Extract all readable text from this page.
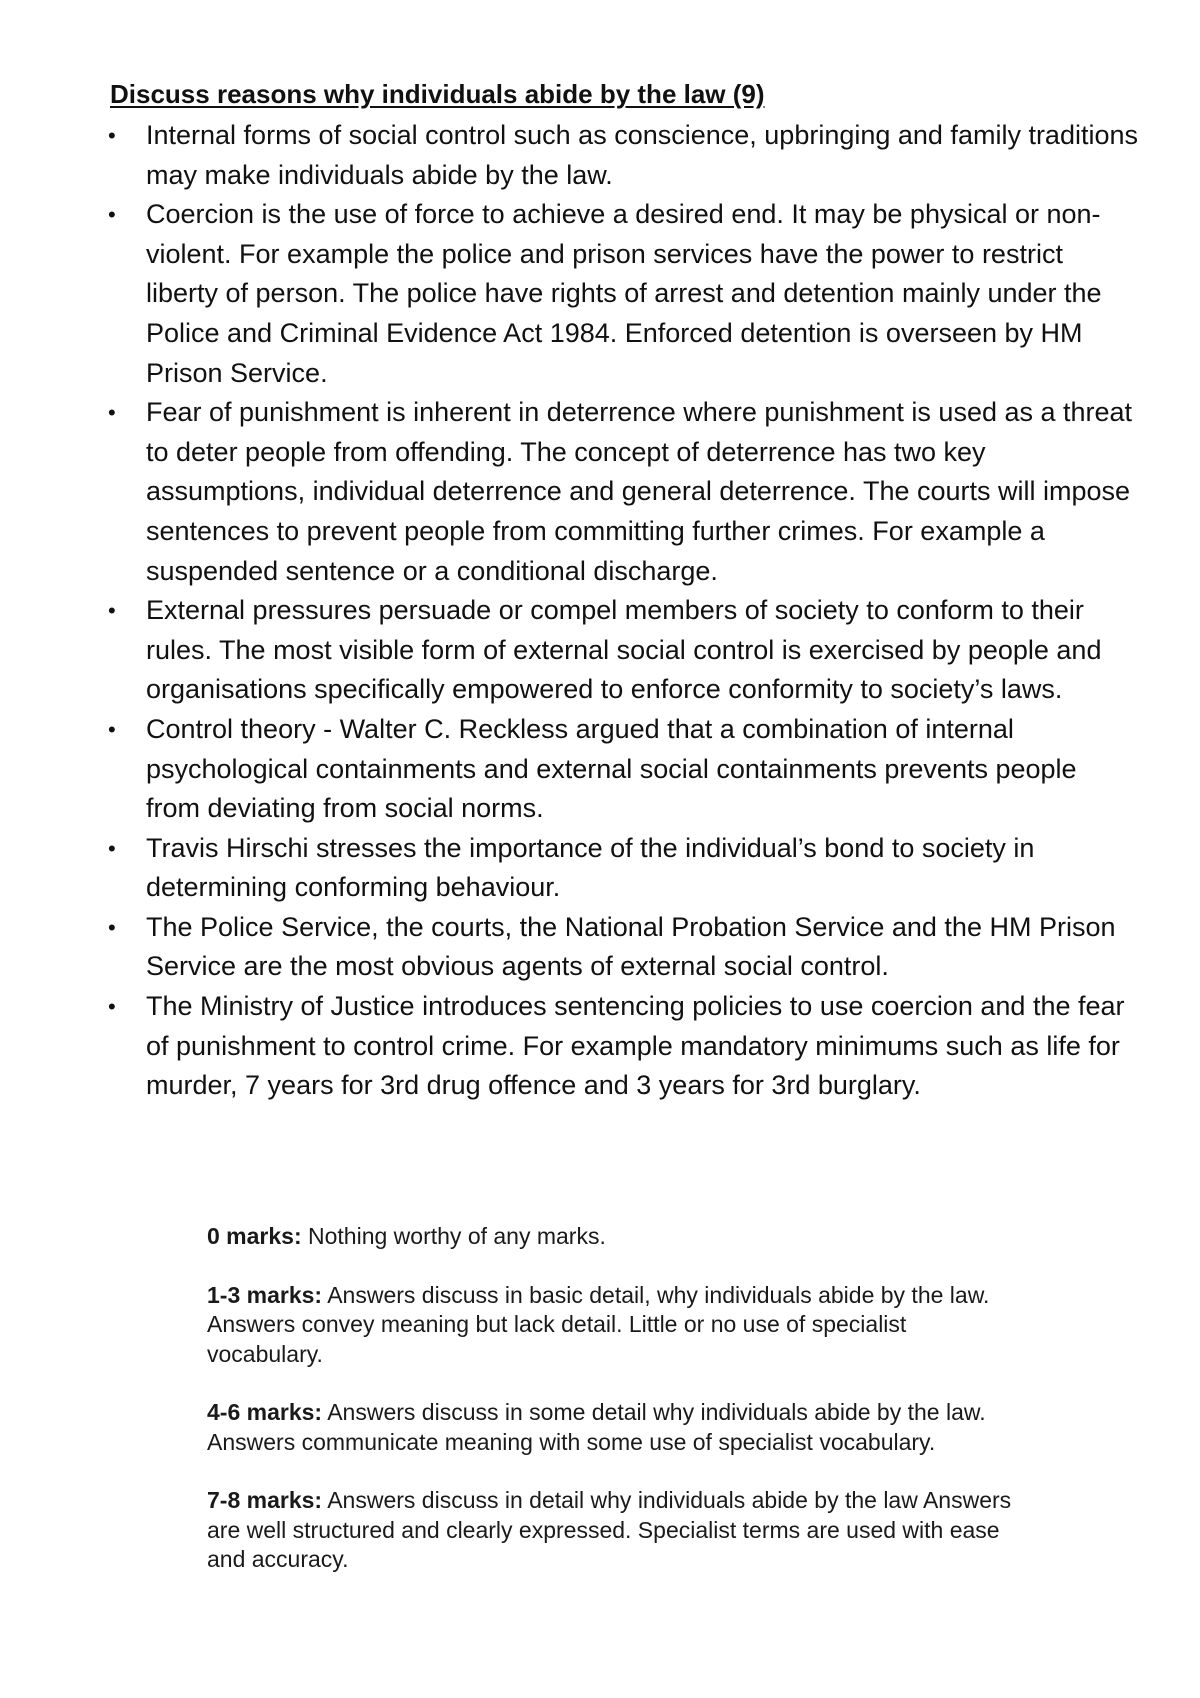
Discuss reasons why individuals abide by the law (9)
•	Internal forms of social control such as conscience, upbringing and family traditions may make individuals abide by the law.
•	Coercion is the use of force to achieve a desired end. It may be physical or non-violent. For example the police and prison services have the power to restrict liberty of person. The police have rights of arrest and detention mainly under the Police and Criminal Evidence Act 1984. Enforced detention is overseen by HM Prison Service.
•	Fear of punishment is inherent in deterrence where punishment is used as a threat to deter people from offending. The concept of deterrence has two key assumptions, individual deterrence and general deterrence. The courts will impose sentences to prevent people from committing further crimes. For example a suspended sentence or a conditional discharge.
•	External pressures persuade or compel members of society to conform to their rules. The most visible form of external social control is exercised by people and organisations specifically empowered to enforce conformity to society’s laws.
•	Control theory - Walter C. Reckless argued that a combination of internal psychological containments and external social containments prevents people from deviating from social norms.
•	Travis Hirschi stresses the importance of the individual’s bond to society in determining conforming behaviour.
•	The Police Service, the courts, the National Probation Service and the HM Prison Service are the most obvious agents of external social control.
•	The Ministry of Justice introduces sentencing policies to use coercion and the fear of punishment to control crime. For example mandatory minimums such as life for murder, 7 years for 3rd drug offence and 3 years for 3rd burglary.
0 marks: Nothing worthy of any marks.
1-3 marks: Answers discuss in basic detail, why individuals abide by the law. Answers convey meaning but lack detail. Little or no use of specialist vocabulary.
4-6 marks: Answers discuss in some detail why individuals abide by the law. Answers communicate meaning with some use of specialist vocabulary.
7-8 marks: Answers discuss in detail why individuals abide by the law Answers are well structured and clearly expressed. Specialist terms are used with ease and accuracy.
